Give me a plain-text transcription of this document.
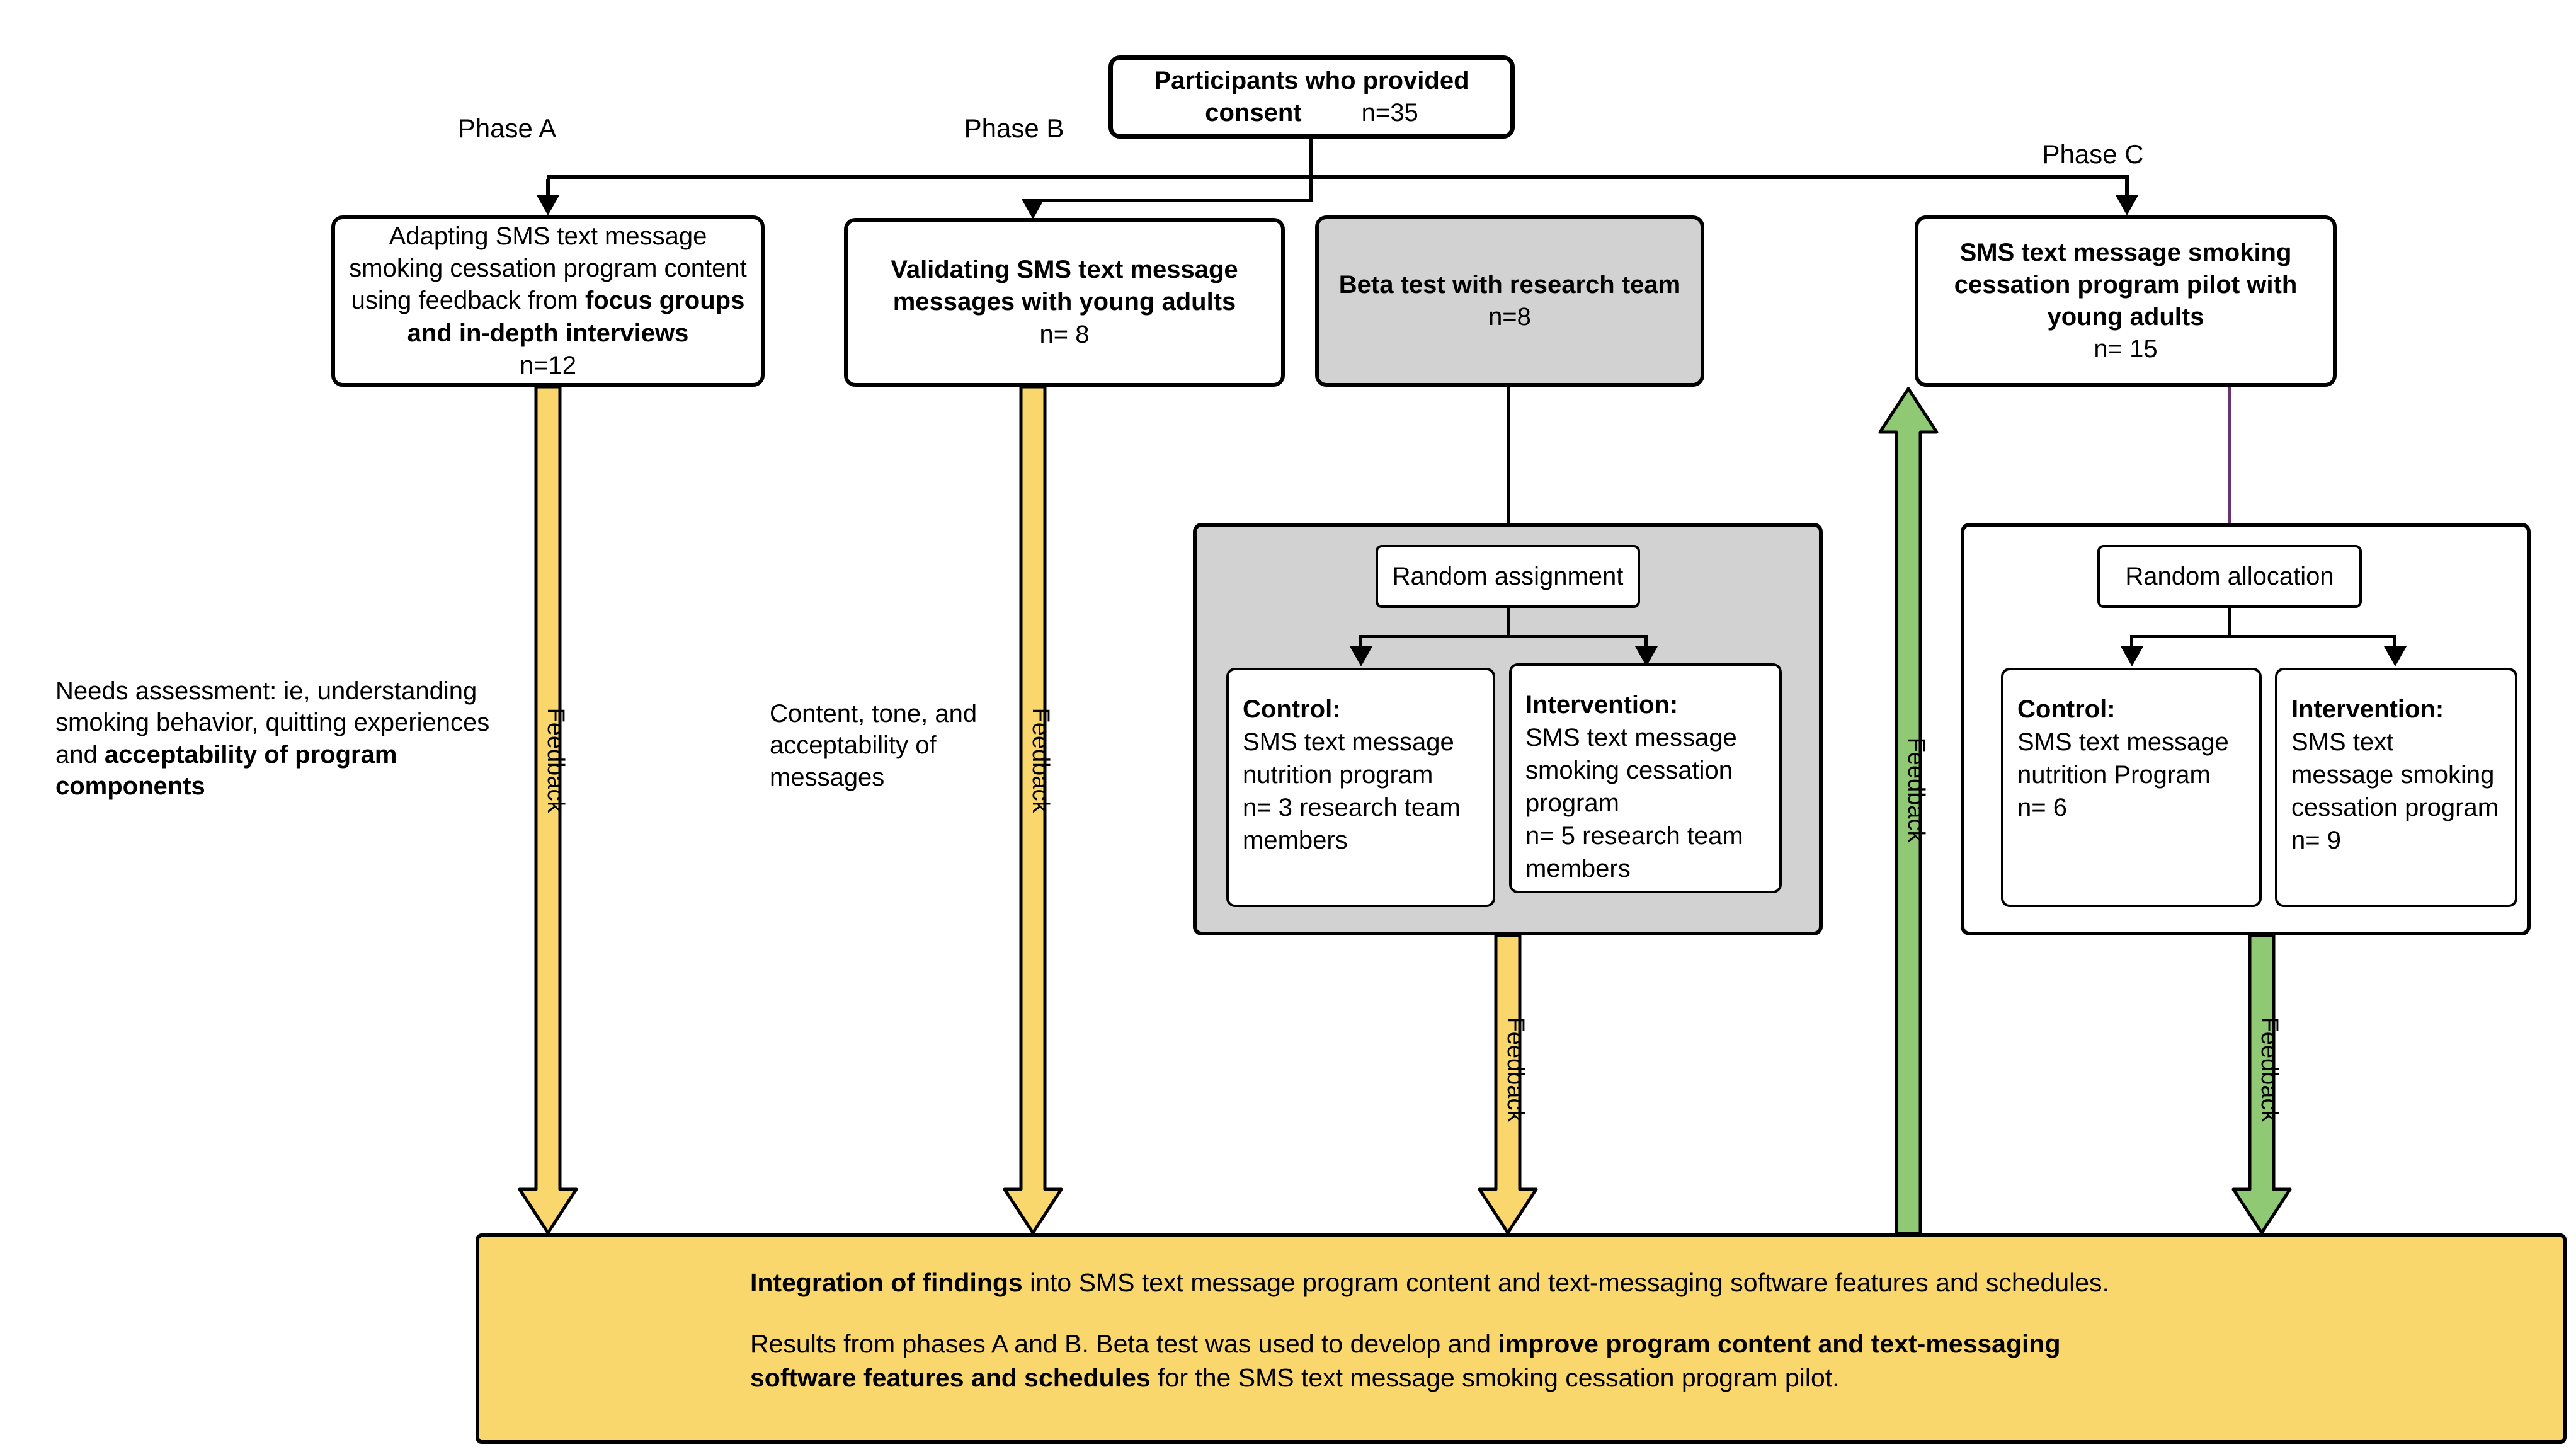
Phase A	Phase B
Phase C
Participants who provided
consent n=35
Adapting SMS text message smoking cessation program content using feedback from focus groups and in-depth interviews
n=12
Validating SMS text message messages with young adults
n= 8
Beta test with research team
n=8
SMS text message smoking cessation program pilot with young adults
n= 15
Needs assessment: ie, understanding smoking behavior, quitting experiences and acceptability of program components
Content, tone, and acceptability of messages
Random assignment
Control:
SMS text message nutrition program
n= 3 research team members
Intervention:
SMS text message smoking cessation program
n= 5 research team members
Random allocation
Control:
SMS text message nutrition Program
n= 6
Intervention:
SMS text message smoking cessation program
n= 9
Feedback	Feedback
Feedback
Feedback
Feedback
Integration of findings into SMS text message program content and text-messaging software features and schedules.
Results from phases A and B. Beta test was used to develop and improve program content and text-messaging software features and schedules for the SMS text message smoking cessation program pilot.
